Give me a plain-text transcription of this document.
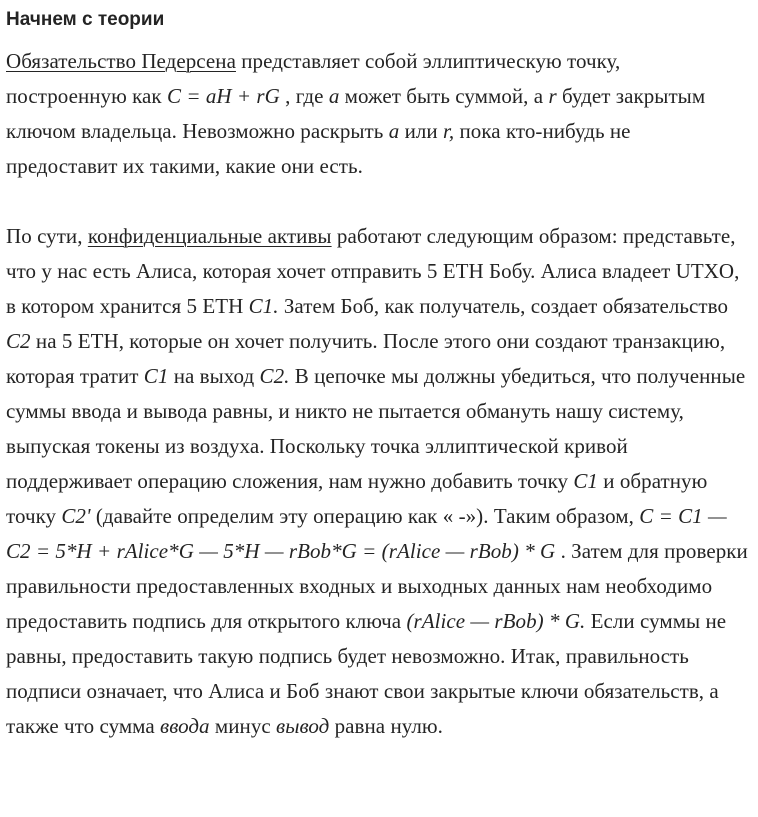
Начнем с теории

Обязательство Педерсена представляет собой эллиптическую точку, построенную как C = aH + rG , где a может быть суммой, а r будет закрытым ключом владельца. Невозможно раскрыть a или r, пока кто-нибудь не предоставит их такими, какие они есть.

По сути, конфиденциальные активы работают следующим образом: представьте, что у нас есть Алиса, которая хочет отправить 5 ETH Бобу. Алиса владеет UTXO, в котором хранится 5 ETH C1. Затем Боб, как получатель, создает обязательство C2 на 5 ETH, которые он хочет получить. После этого они создают транзакцию, которая тратит C1 на выход C2. В цепочке мы должны убедиться, что полученные суммы ввода и вывода равны, и никто не пытается обмануть нашу систему, выпуская токены из воздуха. Поскольку точка эллиптической кривой поддерживает операцию сложения, нам нужно добавить точку C1 и обратную точку C2' (давайте определим эту операцию как « -»). Таким образом, C = C1 — C2 = 5*H + rAlice*G — 5*H — rBob*G = (rAlice — rBob) * G . Затем для проверки правильности предоставленных входных и выходных данных нам необходимо предоставить подпись для открытого ключа (rAlice — rBob) * G. Если суммы не равны, предоставить такую подпись будет невозможно. Итак, правильность подписи означает, что Алиса и Боб знают свои закрытые ключи обязательств, а также что сумма ввода минус вывод равна нулю.
